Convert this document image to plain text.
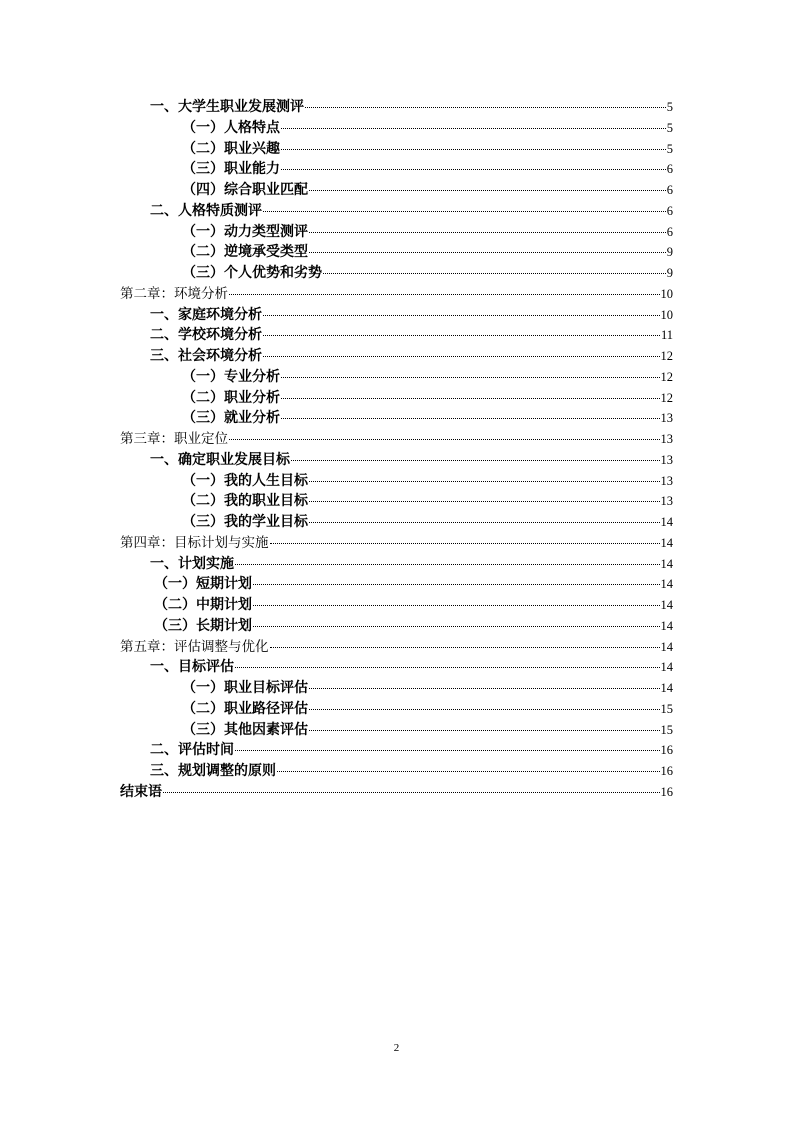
一、大学生职业发展测评	5
（一）人格特点	5
（二）职业兴趣	5
（三）职业能力	6
（四）综合职业匹配	6
二、人格特质测评	6
（一）动力类型测评	6
（二）逆境承受类型	9
（三）个人优势和劣势	9
第二章：环境分析	10
一、家庭环境分析	10
二、学校环境分析	11
三、社会环境分析	12
（一）专业分析	12
（二）职业分析	12
（三）就业分析	13
第三章：职业定位	13
一、确定职业发展目标	13
（一）我的人生目标	13
（二）我的职业目标	13
（三）我的学业目标	14
第四章：目标计划与实施	14
一、计划实施	14
（一）短期计划	14
（二）中期计划	14
（三）长期计划	14
第五章：评估调整与优化	14
一、目标评估	14
（一）职业目标评估	14
（二）职业路径评估	15
（三）其他因素评估	15
二、评估时间	16
三、规划调整的原则	16
结束语	16
2
